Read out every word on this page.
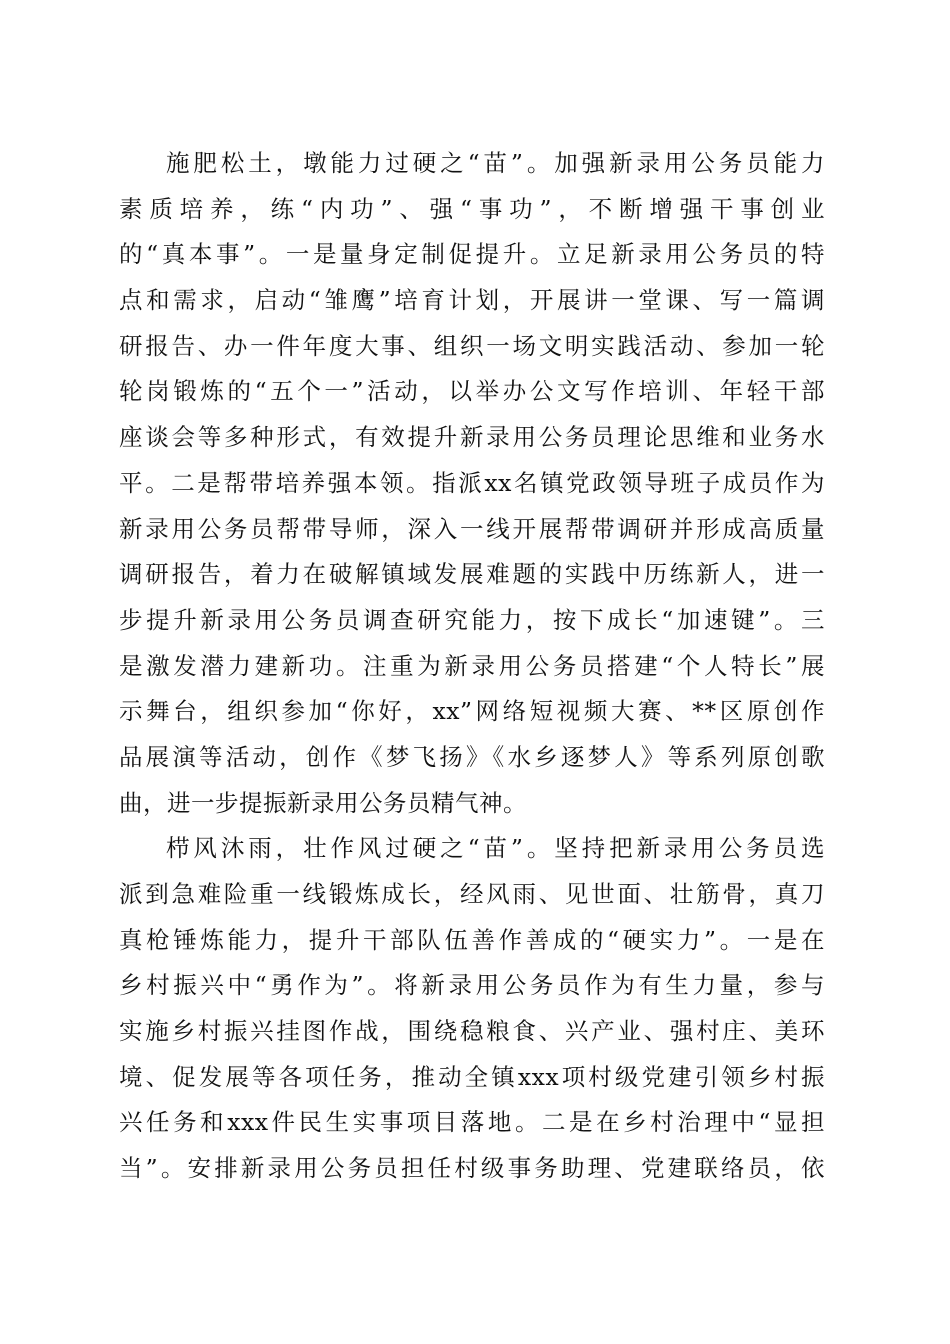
施肥松土，墩能力过硬之“苗”。加强新录用公务员能力
素质培养，练“内功”、强“事功”，不断增强干事创业
的“真本事”。一是量身定制促提升。立足新录用公务员的特
点和需求，启动“雏鹰”培育计划，开展讲一堂课、写一篇调
研报告、办一件年度大事、组织一场文明实践活动、参加一轮
轮岗锻炼的“五个一”活动，以举办公文写作培训、年轻干部
座谈会等多种形式，有效提升新录用公务员理论思维和业务水
平。二是帮带培养强本领。指派xx名镇党政领导班子成员作为
新录用公务员帮带导师，深入一线开展帮带调研并形成高质量
调研报告，着力在破解镇域发展难题的实践中历练新人，进一
步提升新录用公务员调查研究能力，按下成长“加速键”。三
是激发潜力建新功。注重为新录用公务员搭建“个人特长”展
示舞台，组织参加“你好，xx”网络短视频大赛、**区原创作
品展演等活动，创作《梦飞扬》《水乡逐梦人》等系列原创歌
曲，进一步提振新录用公务员精气神。
栉风沐雨，壮作风过硬之“苗”。坚持把新录用公务员选
派到急难险重一线锻炼成长，经风雨、见世面、壮筋骨，真刀
真枪锤炼能力，提升干部队伍善作善成的“硬实力”。一是在
乡村振兴中“勇作为”。将新录用公务员作为有生力量，参与
实施乡村振兴挂图作战，围绕稳粮食、兴产业、强村庄、美环
境、促发展等各项任务，推动全镇xxx项村级党建引领乡村振
兴任务和xxx件民生实事项目落地。二是在乡村治理中“显担
当”。安排新录用公务员担任村级事务助理、党建联络员，依
